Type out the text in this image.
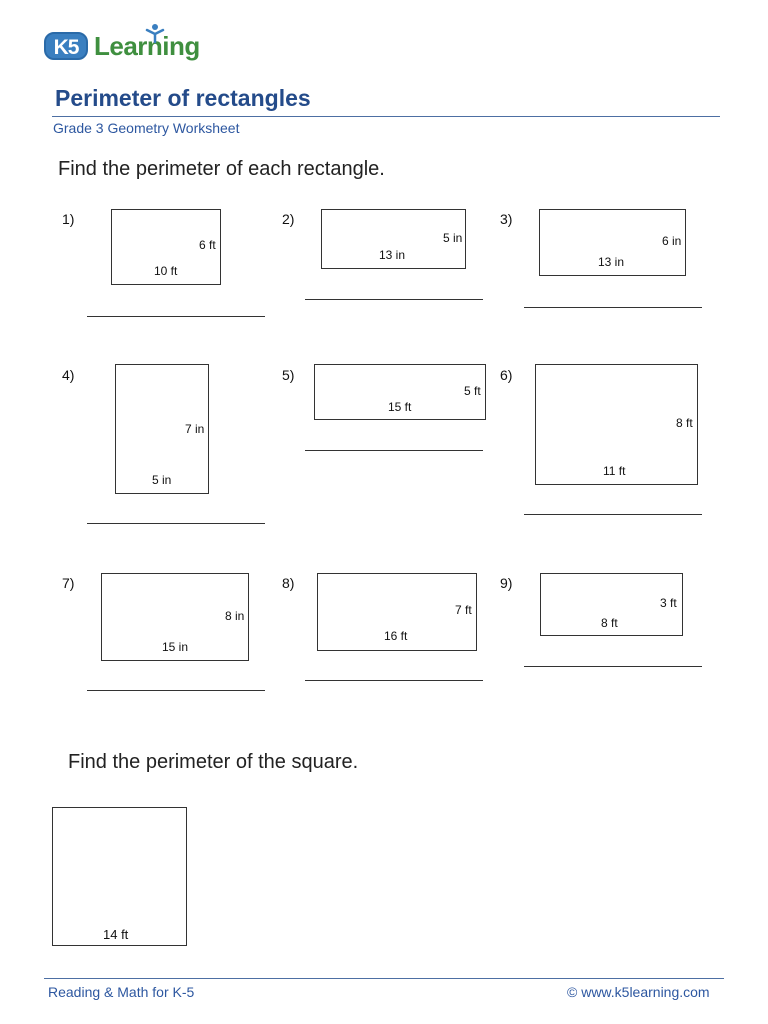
K5 Learning
Perimeter of rectangles
Grade 3 Geometry Worksheet
Find the perimeter of each rectangle.
1)
6 ft
10 ft
2)
5 in
13 in
3)
6 in
13 in
4)
7 in
5 in
5)
5 ft
15 ft
6)
8 ft
11 ft
7)
8 in
15 in
8)
7 ft
16 ft
9)
3 ft
8 ft
Find the perimeter of the square.
14 ft
Reading & Math for K-5	© www.k5learning.com
